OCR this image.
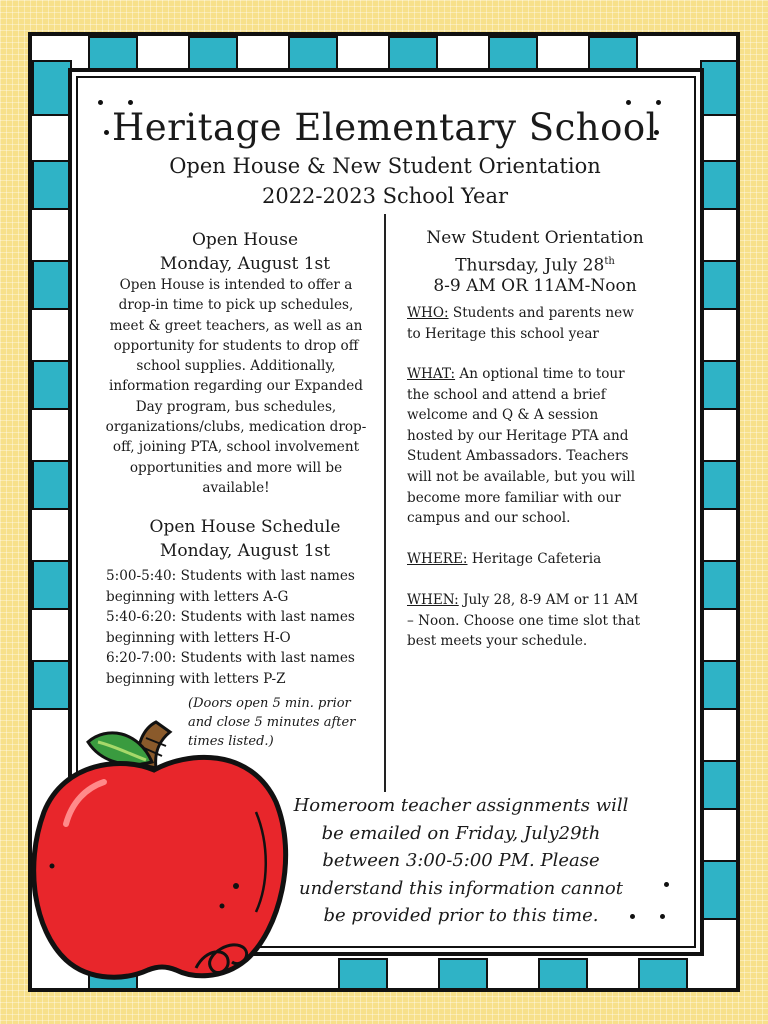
Heritage Elementary School
Open House & New Student Orientation
2022-2023 School Year
Open House
Monday, August 1st
Open House is intended to offer a drop-in time to pick up schedules, meet & greet teachers, as well as an opportunity for students to drop off school supplies. Additionally, information regarding our Expanded Day program, bus schedules, organizations/clubs, medication drop-off, joining PTA, school involvement opportunities and more will be available!
Open House Schedule
Monday, August 1st
5:00-5:40: Students with last names beginning with letters A-G
5:40-6:20: Students with last names beginning with letters H-O
6:20-7:00: Students with last names beginning with letters P-Z
(Doors open 5 min. prior and close 5 minutes after times listed.)
New Student Orientation
Thursday, July 28th
8-9 AM OR 11AM-Noon
WHO: Students and parents new to Heritage this school year
WHAT: An optional time to tour the school and attend a brief welcome and Q & A session hosted by our Heritage PTA and Student Ambassadors. Teachers will not be available, but you will become more familiar with our campus and our school.
WHERE: Heritage Cafeteria
WHEN: July 28, 8-9 AM or 11 AM – Noon. Choose one time slot that best meets your schedule.
Homeroom teacher assignments will be emailed on Friday, July29th between 3:00-5:00 PM. Please understand this information cannot be provided prior to this time.
